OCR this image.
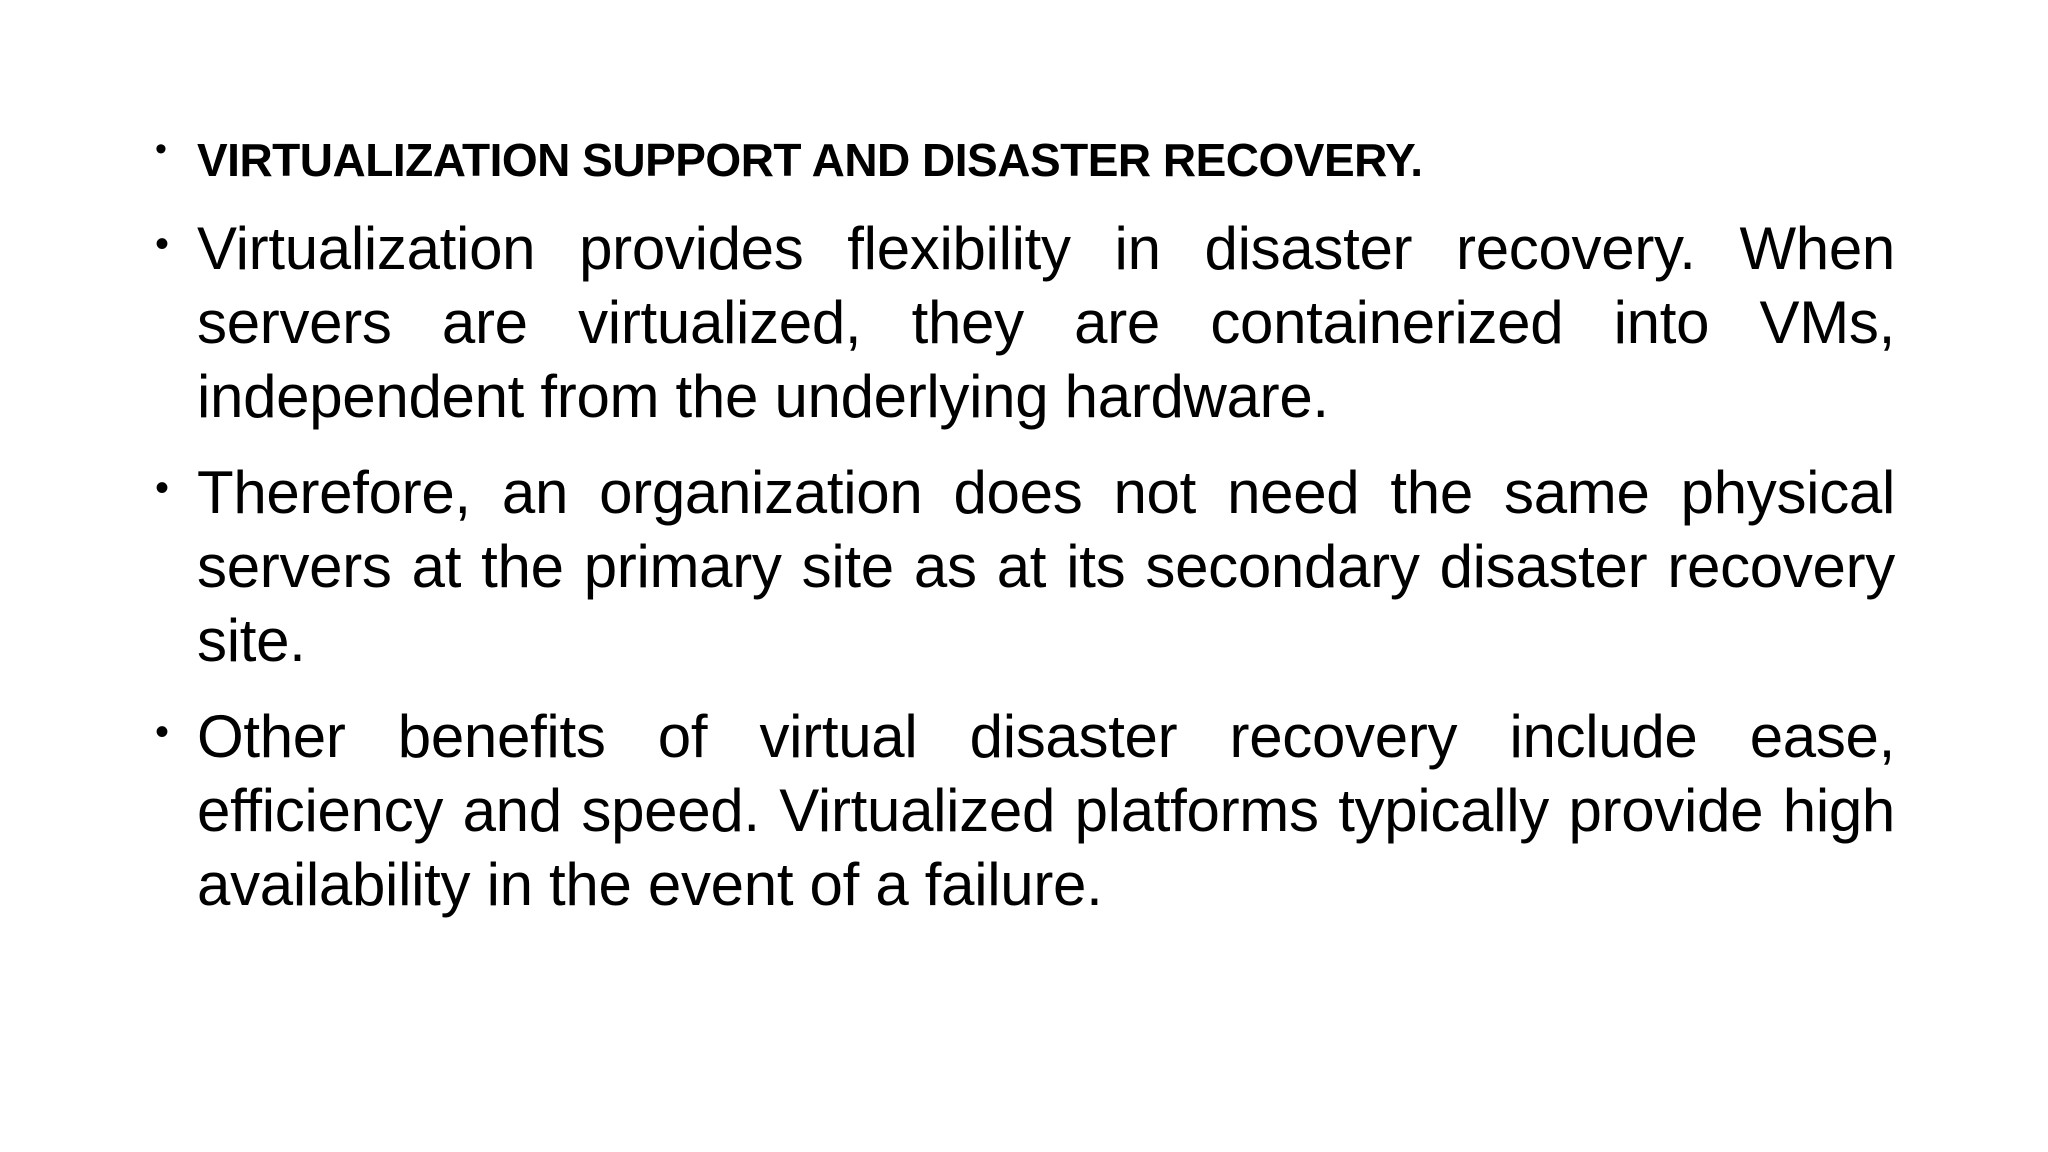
• VIRTUALIZATION SUPPORT AND DISASTER RECOVERY.
• Virtualization provides flexibility in disaster recovery. When servers are virtualized, they are containerized into VMs, independent from the underlying hardware.
• Therefore, an organization does not need the same physical servers at the primary site as at its secondary disaster recovery site.
• Other benefits of virtual disaster recovery include ease, efficiency and speed. Virtualized platforms typically provide high availability in the event of a failure.
